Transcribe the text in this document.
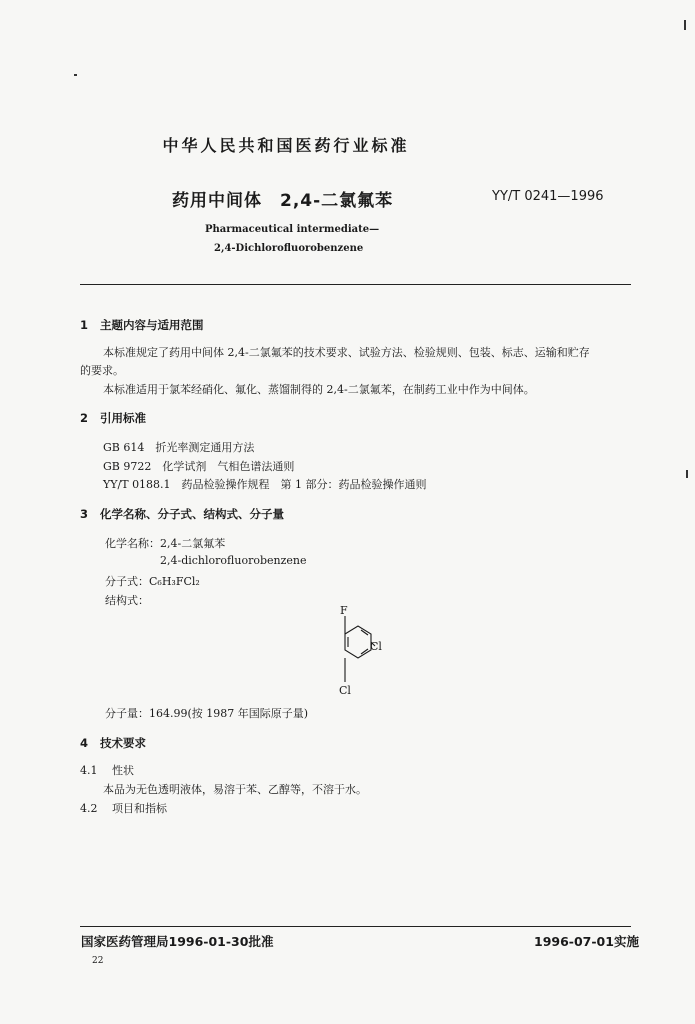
中华人民共和国医药行业标准
药用中间体　2,4-二氯氟苯	YY/T 0241—1996
Pharmaceutical intermediate—
2,4-Dichlorofluorobenzene
1 主题内容与适用范围
本标准规定了药用中间体 2,4-二氯氟苯的技术要求、试验方法、检验规则、包装、标志、运输和贮存
的要求。
本标准适用于氯苯经硝化、氟化、蒸馏制得的 2,4-二氯氟苯，在制药工业中作为中间体。
2 引用标准
GB 614　折光率测定通用方法
GB 9722　化学试剂　气相色谱法通则
YY/T 0188.1　药品检验操作规程　第 1 部分：药品检验操作通则
3 化学名称、分子式、结构式、分子量
化学名称：2,4-二氯氟苯
2,4-dichlorofluorobenzene
分子式：C₆H₃FCl₂
结构式：
F
Cl
Cl
分子量：164.99(按 1987 年国际原子量)
4 技术要求
4.1 性状
本品为无色透明液体，易溶于苯、乙醇等，不溶于水。
4.2 项目和指标
国家医药管理局1996-01-30批准	1996-07-01实施
22
